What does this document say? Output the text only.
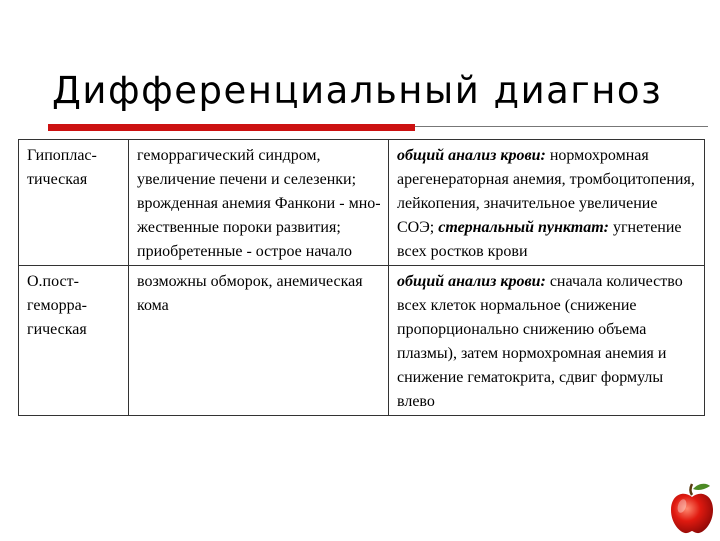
Дифференциальный диагноз
Гипоплас-тическая	геморрагический синдром, увеличение печени и селезенки; врожденная анемия Фанкони - мно-жественные пороки развития; приобретенные - острое начало	общий анализ крови: нормохромная арегенераторная анемия, тромбоцитопения, лейкопения, значительное увеличение СОЭ; стернальный пунктат: угнетение всех ростков крови
О.пост-геморра-гическая	возможны обморок, анемическая кома	общий анализ крови: сначала количество всех клеток нормальное (снижение пропорционально снижению объема плазмы), затем нормохромная анемия и снижение гематокрита, сдвиг формулы влево
